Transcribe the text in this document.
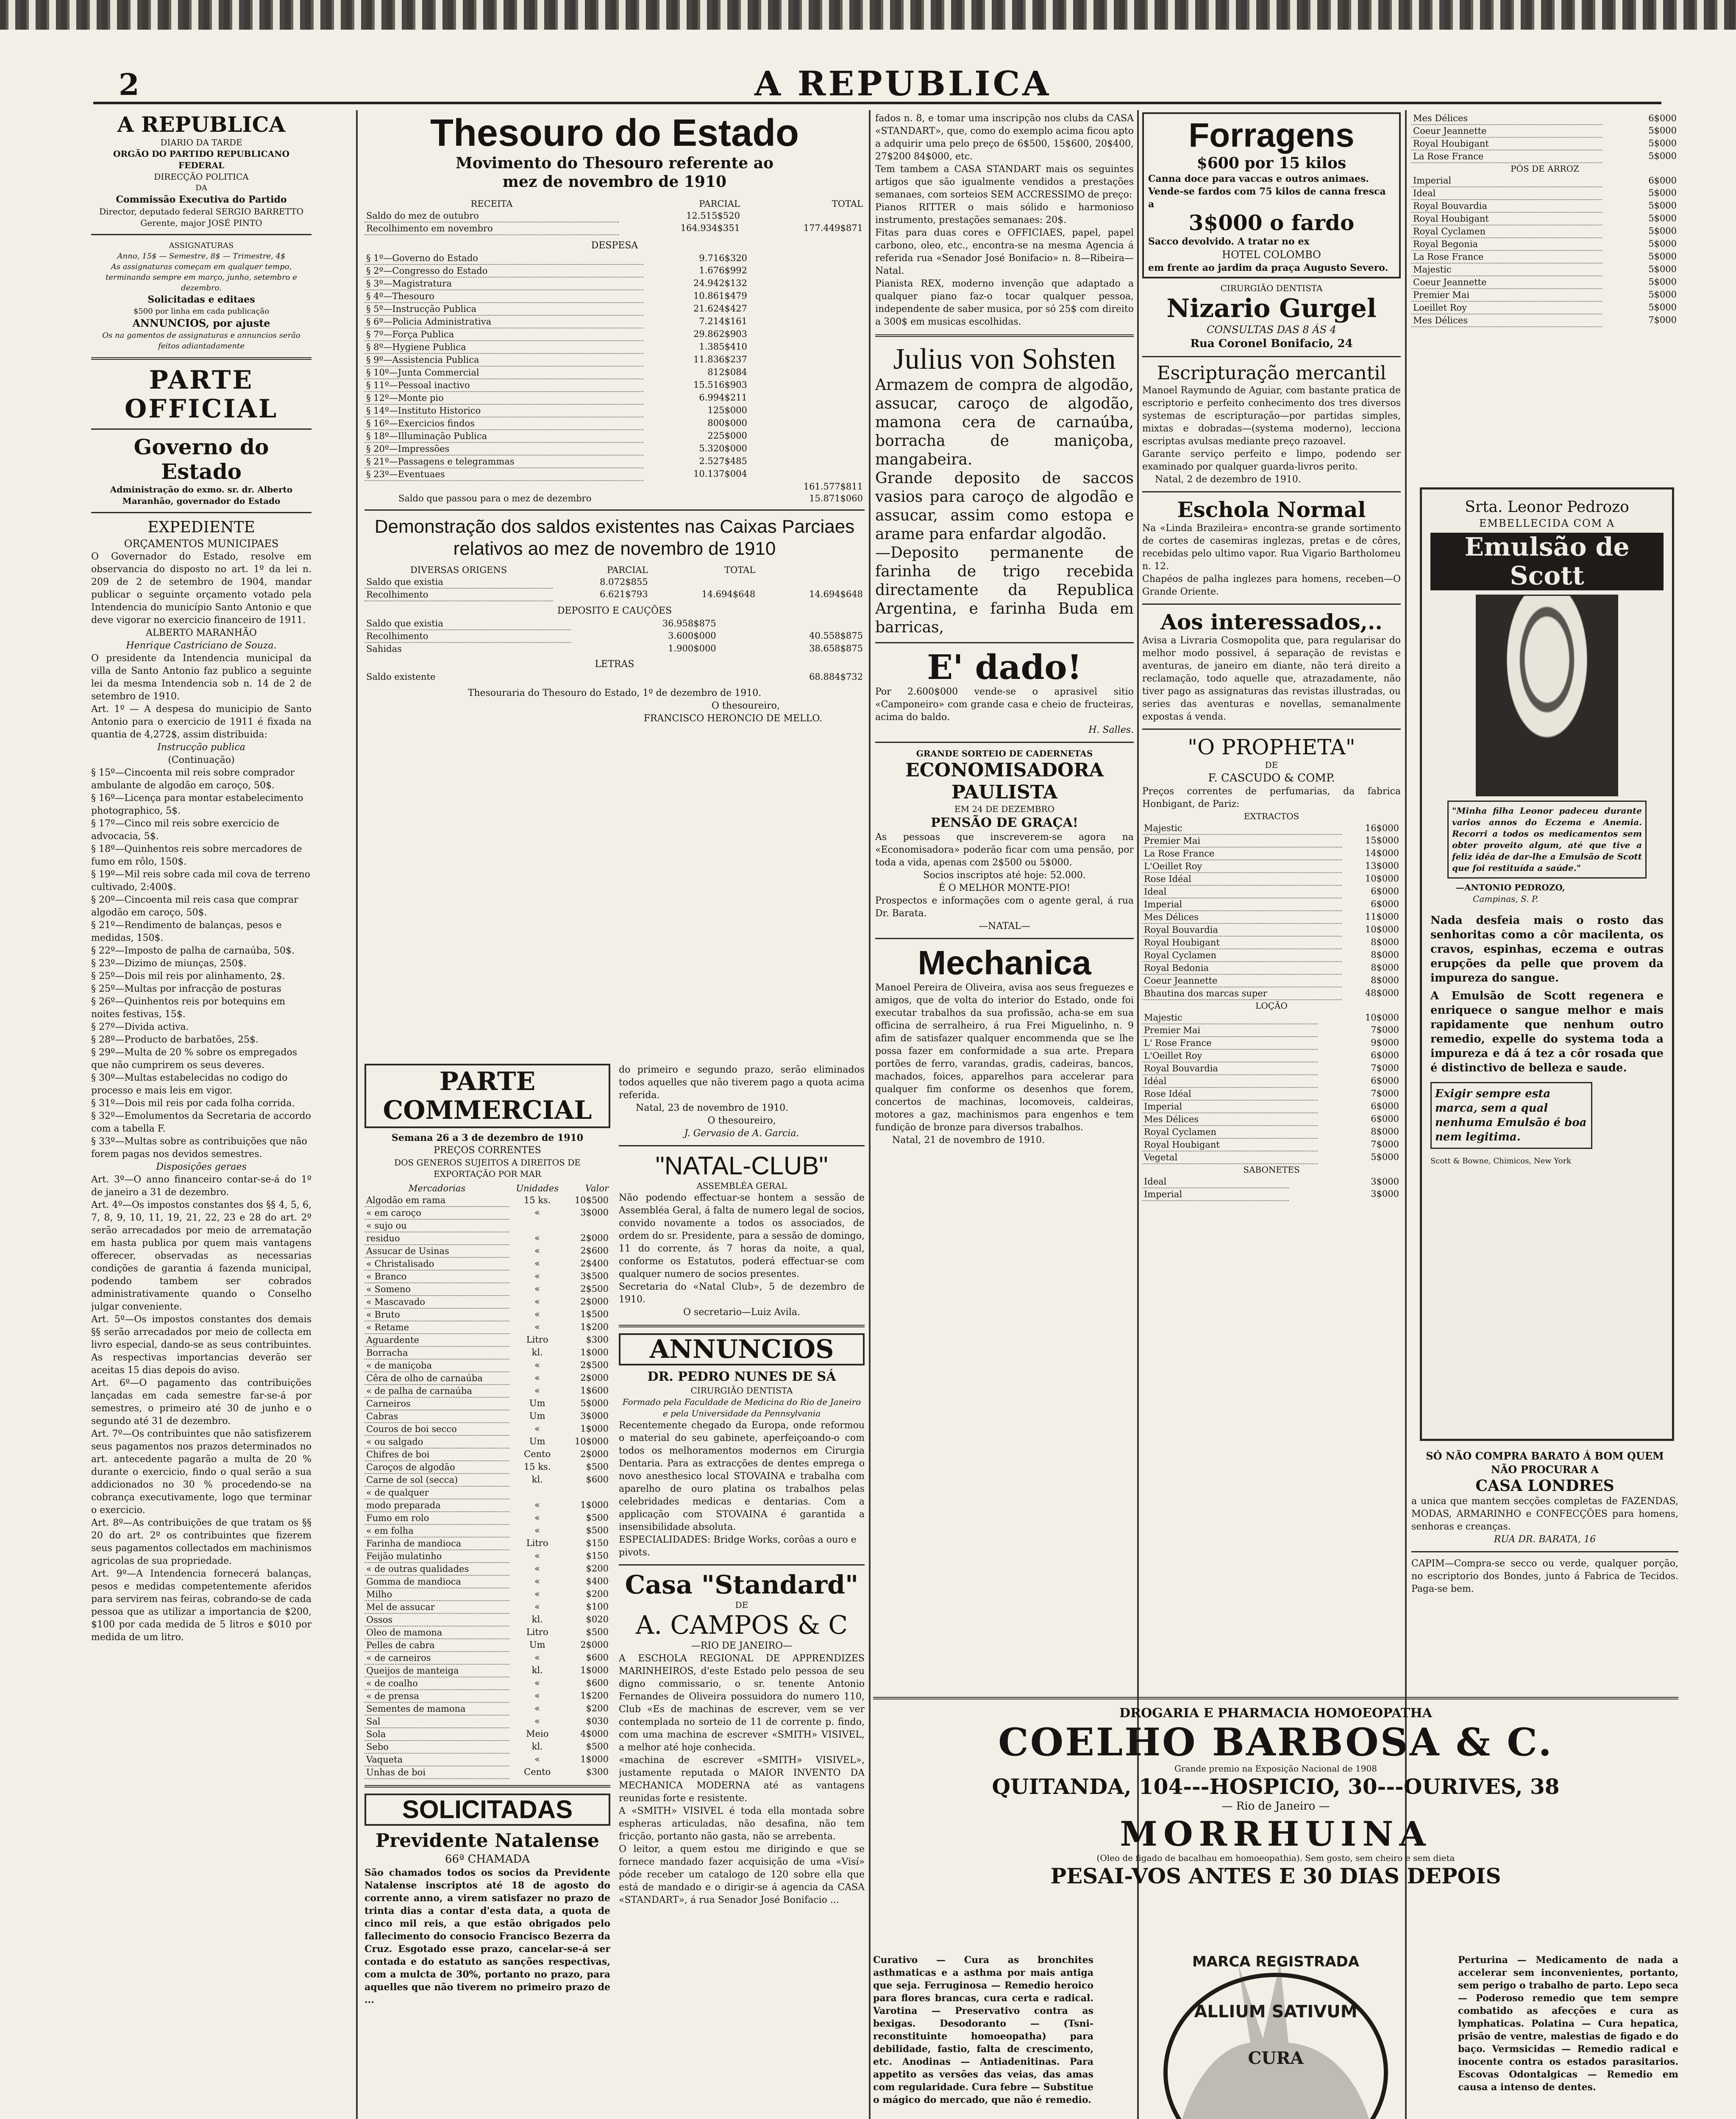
2	A REPUBLICA
A REPUBLICA
DIARIO DA TARDE
ORGÃO DO PARTIDO REPUBLICANO FEDERAL
DIRECÇÃO POLITICA
DA
Commissão Executiva do Partido
Director, deputado federal SERGIO BARRETTO
Gerente, major JOSÉ PINTO
ASSIGNATURAS
Anno, 15$ — Semestre, 8$ — Trimestre, 4$
As assignaturas começam em qualquer tempo, terminando sempre em março, junho, setembro e dezembro.
Solicitadas e editaes
$500 por linha em cada publicação
ANNUNCIOS, por ajuste
Os na gamentos de assignaturas e annuncios serão feitos adiantadamente
PARTE OFFICIAL
Governo do Estado
Administração do exmo. sr. dr. Alberto Maranhão, governador do Estado
EXPEDIENTE
ORÇAMENTOS MUNICIPAES
O Governador do Estado, resolve em observancia do disposto no art. 1º da lei n. 209 de 2 de setembro de 1904, mandar publicar o seguinte orçamento votado pela Intendencia do município Santo Antonio e que deve vigorar no exercicio financeiro de 1911.
ALBERTO MARANHÃO
Henrique Castriciano de Souza.
O presidente da Intendencia municipal da villa de Santo Antonio faz publico a seguinte lei da mesma Intendencia sob n. 14 de 2 de setembro de 1910.
Art. 1º — A despesa do municipio de Santo Antonio para o exercicio de 1911 é fixada na quantia de 4,272$, assim distribuida:
Instrucção publica
(Continuação)
§ 15º—Cincoenta mil reis sobre comprador ambulante de algodão em caroço, 50$.
§ 16º—Licença para montar estabelecimento photographico, 5$.
§ 17º—Cinco mil reis sobre exercicio de advocacia, 5$.
§ 18º—Quinhentos reis sobre mercadores de fumo em rôlo, 150$.
§ 19º—Mil reis sobre cada mil cova de terreno cultivado, 2:400$.
§ 20º—Cincoenta mil reis casa que comprar algodão em caroço, 50$.
§ 21º—Rendimento de balanças, pesos e medidas, 150$.
§ 22º—Imposto de palha de carnaúba, 50$.
§ 23º—Dizimo de miunças, 250$.
§ 25º—Dois mil reis por alinhamento, 2$.
§ 25º—Multas por infracção de posturas
§ 26º—Quinhentos reis por botequins em noites festivas, 15$.
§ 27º—Divida activa.
§ 28º—Producto de barbatões, 25$.
§ 29º—Multa de 20 % sobre os empregados que não cumprirem os seus deveres.
§ 30º—Multas estabelecidas no codigo do processo e mais leis em vigor.
§ 31º—Dois mil reis por cada folha corrida.
§ 32º—Emolumentos da Secretaria de accordo com a tabella F.
§ 33º—Multas sobre as contribuições que não forem pagas nos devidos semestres.
Disposições geraes
Art. 3º—O anno financeiro contar-se-á do 1º de janeiro a 31 de dezembro.
Art. 4º—Os impostos constantes dos §§ 4, 5, 6, 7, 8, 9, 10, 11, 19, 21, 22, 23 e 28 do art. 2º serão arrecadados por meio de arrematação em hasta publica por quem mais vantagens offerecer, observadas as necessarias condições de garantia á fazenda municipal, podendo tambem ser cobrados administrativamente quando o Conselho julgar conveniente.
Art. 5º—Os impostos constantes dos demais §§ serão arrecadados por meio de collecta em livro especial, dando-se as seus contribuintes. As respectivas importancias deverão ser aceitas 15 dias depois do aviso.
Art. 6º—O pagamento das contribuições lançadas em cada semestre far-se-á por semestres, o primeiro até 30 de junho e o segundo até 31 de dezembro.
Art. 7º—Os contribuintes que não satisfizerem seus pagamentos nos prazos determinados no art. antecedente pagarão a multa de 20 % durante o exercicio, findo o qual serão a sua addicionados no 30 % procedendo-se na cobrança executivamente, logo que terminar o exercicio.
Art. 8º—As contribuições de que tratam os §§ 20 do art. 2º os contribuintes que fizerem seus pagamentos collectados em machinismos agricolas de sua propriedade.
Art. 9º—A Intendencia fornecerá balanças, pesos e medidas competentemente aferidos para servirem nas feiras, cobrando-se de cada pessoa que as utilizar a importancia de $200, $100 por cada medida de 5 litros e $010 por medida de um litro.
Thesouro do Estado
Movimento do Thesouro referente ao mez de novembro de 1910
RECEITA	PARCIAL	TOTAL
Saldo do mez de outubro	12.515$520	
Recolhimento em novembro	164.934$351	177.449$871
DESPESA
§ 1º—Governo do Estado	9.716$320	
§ 2º—Congresso do Estado	1.676$992	
§ 3º—Magistratura	24.942$132	
§ 4º—Thesouro	10.861$479	
§ 5º—Instrucção Publica	21.624$427	
§ 6º—Policia Administrativa	7.214$161	
§ 7º—Força Publica	29.862$903	
§ 8º—Hygiene Publica	1.385$410	
§ 9º—Assistencia Publica	11.836$237	
§ 10º—Junta Commercial	812$084	
§ 11º—Pessoal inactivo	15.516$903	
§ 12º—Monte pio	6.994$211	
§ 14º—Instituto Historico	125$000	
§ 16º—Exercicios findos	800$000	
§ 18º—Illuminação Publica	225$000	
§ 20º—Impressões	5.320$000	
§ 21º—Passagens e telegrammas	2.527$485	
§ 23º—Eventuaes	10.137$004	
		161.577$811
Saldo que passou para o mez de dezembro	15.871$060
Demonstração dos saldos existentes nas Caixas Parciaes relativos ao mez de novembro de 1910
DIVERSAS ORIGENS	PARCIAL	TOTAL	
Saldo que existia	8.072$855		
Recolhimento	6.621$793	14.694$648	14.694$648
DEPOSITO E CAUÇÕES
Saldo que existia	36.958$875	
Recolhimento	3.600$000	40.558$875
Sahidas	1.900$000	38.658$875
LETRAS
Saldo existente	68.884$732
Thesouraria do Thesouro do Estado, 1º de dezembro de 1910.
O thesoureiro,
FRANCISCO HERONCIO DE MELLO.
PARTE COMMERCIAL
Semana 26 a 3 de dezembro de 1910
PREÇOS CORRENTES
DOS GENEROS SUJEITOS A DIREITOS DE EXPORTAÇÃO POR MAR
Mercadorias	Unidades	Valor
Algodão em rama	15 ks.	10$500
« em caroço	«	3$000
« sujo ou		
residuo	«	2$000
Assucar de Usinas	«	2$600
« Christalisado	«	2$400
« Branco	«	3$500
« Someno	«	2$500
« Mascavado	«	2$000
« Bruto	«	1$500
« Retame	«	1$200
Aguardente	Litro	$300
Borracha	kl.	1$000
« de maniçoba	«	2$500
Cêra de olho de carnaúba	«	2$000
« de palha de carnaúba	«	1$600
Carneiros	Um	5$000
Cabras	Um	3$000
Couros de boi secco	«	1$000
« ou salgado	Um	10$000
Chifres de boi	Cento	2$000
Caroços de algodão	15 ks.	$500
Carne de sol (secca)	kl.	$600
« de qualquer		
modo preparada	«	1$000
Fumo em rolo	«	$500
« em folha	«	$500
Farinha de mandioca	Litro	$150
Feijão mulatinho	«	$150
« de outras qualidades	«	$200
Gomma de mandioca	«	$400
Milho	«	$200
Mel de assucar	«	$100
Ossos	kl.	$020
Oleo de mamona	Litro	$500
Pelles de cabra	Um	2$000
« de carneiros	«	$600
Queijos de manteiga	kl.	1$000
« de coalho	«	$600
« de prensa	«	1$200
Sementes de mamona	«	$200
Sal	«	$030
Sola	Meio	4$000
Sebo	kl.	$500
Vaqueta	«	1$000
Unhas de boi	Cento	$300
SOLICITADAS
Previdente Natalense
66ª CHAMADA
São chamados todos os socios da Previdente Natalense inscriptos até 18 de agosto do corrente anno, a virem satisfazer no prazo de trinta dias a contar d'esta data, a quota de cinco mil reis, a que estão obrigados pelo fallecimento do consocio Francisco Bezerra da Cruz. Esgotado esse prazo, cancelar-se-á ser contada e do estatuto as sanções respectivas, com a mulcta de 30%, portanto no prazo, para aquelles que não tiverem no primeiro prazo de ...
do primeiro e segundo prazo, serão eliminados todos aquelles que não tiverem pago a quota acima referida.
Natal, 23 de novembro de 1910.
O thesoureiro,
J. Gervasio de A. Garcia.
"NATAL-CLUB"
ASSEMBLÉA GERAL
Não podendo effectuar-se hontem a sessão de Assembléa Geral, á falta de numero legal de socios, convido novamente a todos os associados, de ordem do sr. Presidente, para a sessão de domingo, 11 do corrente, ás 7 horas da noite, a qual, conforme os Estatutos, poderá effectuar-se com qualquer numero de socios presentes.
Secretaria do «Natal Club», 5 de dezembro de 1910.
O secretario—Luiz Avila.
ANNUNCIOS
DR. PEDRO NUNES DE SÁ
CIRURGIÃO DENTISTA
Formado pela Faculdade de Medicina do Rio de Janeiro e pela Universidade da Pennsylvania
Recentemente chegado da Europa, onde reformou o material do seu gabinete, aperfeiçoando-o com todos os melhoramentos modernos em Cirurgia Dentaria. Para as extracções de dentes emprega o novo anesthesico local STOVAINA e trabalha com aparelho de ouro platina os trabalhos pelas celebridades medicas e dentarias. Com a applicação com STOVAINA é garantida a insensibilidade absoluta.
ESPECIALIDADES: Bridge Works, corôas a ouro e pivots.
Casa "Standard"
DE
A. CAMPOS & C
—RIO DE JANEIRO—
A ESCHOLA REGIONAL DE APPRENDIZES MARINHEIROS, d'este Estado pelo pessoa de seu digno commissario, o sr. tenente Antonio Fernandes de Oliveira possuidora do numero 110, Club «Es de machinas de escrever, vem se ver contemplada no sorteio de 11 de corrente p. findo, com uma machina de escrever «SMITH» VISIVEL, a melhor até hoje conhecida.
«machina de escrever «SMITH» VISIVEL», justamente reputada o MAIOR INVENTO DA MECHANICA MODERNA até as vantagens reunidas forte e resistente.
A «SMITH» VISIVEL é toda ella montada sobre espheras articuladas, não desafina, não tem fricção, portanto não gasta, não se arrebenta.
O leitor, a quem estou me dirigindo e que se fornece mandado fazer acquisição de uma «Visí» póde receber um catalogo de 120 sobre ella que está de mandado e o dirigir-se á agencia da CASA «STANDART», á rua Senador José Bonifacio ...
fados n. 8, e tomar uma inscripção nos clubs da CASA «STANDART», que, como do exemplo acima ficou apto a adquirir uma pelo preço de 6$500, 15$600, 20$400, 27$200 84$000, etc.
Tem tambem a CASA STANDART mais os seguintes artigos que são igualmente vendidos a prestações semanaes, com sorteios SEM ACCRESSIMO de preço:
Pianos RITTER o mais sólido e harmonioso instrumento, prestações semanaes: 20$.
Fitas para duas cores e OFFICIAES, papel, papel carbono, oleo, etc., encontra-se na mesma Agencia á referida rua «Senador José Bonifacio» n. 8—Ribeira—Natal.
Pianista REX, moderno invenção que adaptado a qualquer piano faz-o tocar qualquer pessoa, independente de saber musica, por só 25$ com direito a 300$ em musicas escolhidas.
Julius von Sohsten
Armazem de compra de algodão, assucar, caroço de algodão, mamona cera de carnaúba, borracha de maniçoba, mangabeira.
Grande deposito de saccos vasios para caroço de algodão e assucar, assim como estopa e arame para enfardar algodão.
—Deposito permanente de farinha de trigo recebida directamente da Republica Argentina, e farinha Buda em barricas,
E' dado!
Por 2.600$000 vende-se o aprasivel sitio «Camponeiro» com grande casa e cheio de fructeiras, acima do baldo.
H. Salles.
GRANDE SORTEIO DE CADERNETAS
ECONOMISADORA PAULISTA
EM 24 DE DEZEMBRO
PENSÃO DE GRAÇA!
As pessoas que inscreverem-se agora na «Economisadora» poderão ficar com uma pensão, por toda a vida, apenas com 2$500 ou 5$000.
Socios inscriptos até hoje: 52.000.
É O MELHOR MONTE-PIO!
Prospectos e informações com o agente geral, á rua Dr. Barata.
—NATAL—
Mechanica
Manoel Pereira de Oliveira, avisa aos seus freguezes e amigos, que de volta do interior do Estado, onde foi executar trabalhos da sua profissão, acha-se em sua officina de serralheiro, á rua Frei Miguelinho, n. 9 afim de satisfazer qualquer encommenda que se lhe possa fazer em conformidade a sua arte. Prepara portões de ferro, varandas, gradis, cadeiras, bancos, machados, foices, apparelhos para accelerar para qualquer fim conforme os desenhos que forem, concertos de machinas, locomoveis, caldeiras, motores a gaz, machinismos para engenhos e tem fundição de bronze para diversos trabalhos.
Natal, 21 de novembro de 1910.
Forragens
$600 por 15 kilos
Canna doce para vaccas e outros animaes.
Vende-se fardos com 75 kilos de canna fresca a
3$000 o fardo
Sacco devolvido. A tratar no ex
HOTEL COLOMBO
em frente ao jardim da praça Augusto Severo.
CIRURGIÃO DENTISTA
Nizario Gurgel
CONSULTAS DAS 8 ÁS 4
Rua Coronel Bonifacio, 24
Escripturação mercantil
Manoel Raymundo de Aguiar, com bastante pratica de escriptorio e perfeito conhecimento dos tres diversos systemas de escripturação—por partidas simples, mixtas e dobradas—(systema moderno), lecciona escriptas avulsas mediante preço razoavel.
Garante serviço perfeito e limpo, podendo ser examinado por qualquer guarda-livros perito.
Natal, 2 de dezembro de 1910.
Eschola Normal
Na «Linda Brazileira» encontra-se grande sortimento de cortes de casemiras inglezas, pretas e de côres, recebidas pelo ultimo vapor. Rua Vigario Bartholomeu n. 12.
Chapéos de palha inglezes para homens, receben—O Grande Oriente.
Aos interessados,..
Avisa a Livraria Cosmopolita que, para regularisar do melhor modo possivel, á separação de revistas e aventuras, de janeiro em diante, não terá direito a reclamação, todo aquelle que, atrazadamente, não tiver pago as assignaturas das revistas illustradas, ou series das aventuras e novellas, semanalmente expostas á venda.
"O PROPHETA"
DE
F. CASCUDO & COMP.
Preços correntes de perfumarias, da fabrica Honbigant, de Pariz:
EXTRACTOS
Majestic	16$000
Premier Mai	15$000
La Rose France	14$000
L'Oeillet Roy	13$000
Rose Idéal	10$000
Ideal	6$000
Imperial	6$000
Mes Délices	11$000
Royal Bouvardia	10$000
Royal Houbigant	8$000
Royal Cyclamen	8$000
Royal Bedonia	8$000
Coeur Jeannette	8$000
Bhautina dos marcas super	48$000
LOÇÃO
Majestic	10$000
Premier Mai	7$000
L' Rose France	9$000
L'Oeillet Roy	6$000
Royal Bouvardia	7$000
Idéal	6$000
Rose Idéal	7$000
Imperial	6$000
Mes Délices	6$000
Royal Cyclamen	8$000
Royal Houbigant	7$000
Vegetal	5$000
SABONETES
Ideal	3$000
Imperial	3$000
Mes Délices	6$000
Coeur Jeannette	5$000
Royal Houbigant	5$000
La Rose France	5$000
PÓS DE ARROZ
Imperial	6$000
Ideal	5$000
Royal Bouvardia	5$000
Royal Houbigant	5$000
Royal Cyclamen	5$000
Royal Begonia	5$000
La Rose France	5$000
Majestic	5$000
Coeur Jeannette	5$000
Premier Mai	5$000
Loeillet Roy	5$000
Mes Délices	7$000
Srta. Leonor Pedrozo
EMBELLECIDA COM A
Emulsão de Scott
"Minha filha Leonor padeceu durante varios annos do Eczema e Anemia. Recorri a todos os medicamentos sem obter proveito algum, até que tive a feliz idéa de dar-lhe a Emulsão de Scott que foi restituída a saúde."
—ANTONIO PEDROZO,
Campinas, S. P.
Nada desfeia mais o rosto das senhoritas como a côr macilenta, os cravos, espinhas, eczema e outras erupções da pelle que provem da impureza do sangue.
A Emulsão de Scott regenera e enriquece o sangue melhor e mais rapidamente que nenhum outro remedio, expelle do systema toda a impureza e dá á tez a côr rosada que é distinctivo de belleza e saude.
Exigir sempre esta marca, sem a qual nenhuma Emulsão é boa nem legitima.
Scott & Bowne, Chimicos, New York
SÓ NÃO COMPRA BARATO Á BOM QUEM NÃO PROCURAR A
CASA LONDRES
a unica que mantem secções completas de FAZENDAS, MODAS, ARMARINHO e CONFECÇÕES para homens, senhoras e creanças.
RUA DR. BARATA, 16
CAPIM—Compra-se secco ou verde, qualquer porção, no escriptorio dos Bondes, junto á Fabrica de Tecidos. Paga-se bem.
DROGARIA E PHARMACIA HOMOEOPATHA
COELHO BARBOSA & C.
Grande premio na Exposição Nacional de 1908
QUITANDA, 104---HOSPICIO, 30---OURIVES, 38
— Rio de Janeiro —
MORRHUINA
(Oleo de figado de bacalhau em homoeopathia). Sem gosto, sem cheiro e sem dieta
PESAI-VOS ANTES E 30 DIAS DEPOIS
Curativo — Cura as bronchites asthmaticas e a asthma por mais antiga que seja. Ferruginosa — Remedio heroico para flores brancas, cura certa e radical. Varotina — Preservativo contra as bexigas. Desodoranto — (Tsni-reconstituinte homoeopatha) para debilidade, fastio, falta de crescimento, etc. Anodinas — Antiadenitinas. Para appetito as versões das veias, das amas com regularidade. Cura febre — Substitue o mágico do mercado, que não é remedio.
Perturina — Medicamento de nada a accelerar sem inconvenientes, portanto, sem perigo o trabalho de parto. Lepo seca — Poderoso remedio que tem sempre combatido as afecções e cura as lymphaticas. Polatina — Cura hepatica, prisão de ventre, malestias de figado e do baço. Vermsicidas — Remedio radical e inocente contra os estados parasitarios. Escovas Odontalgicas — Remedio em causa a intenso de dentes.
MARCA REGISTRADA
ALLIUM SATIVUM
CURA
